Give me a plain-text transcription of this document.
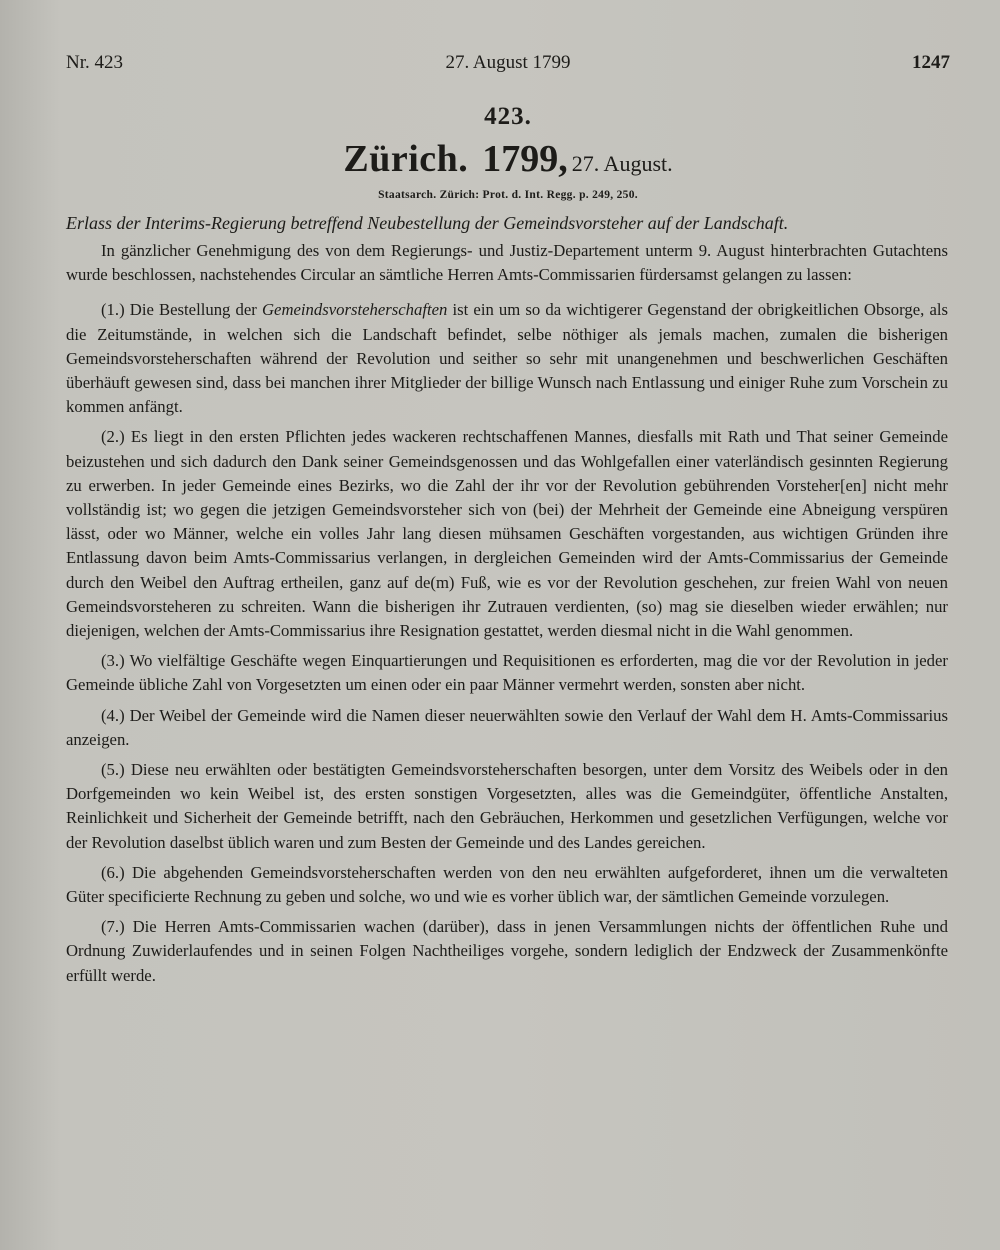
Nr. 423	27. August 1799	1247
423.
Zürich. 1799, 27. August.
Staatsarch. Zürich: Prot. d. Int. Regg. p. 249, 250.
Erlass der Interims-Regierung betreffend Neubestellung der Gemeindsvorsteher auf der Landschaft.

In gänzlicher Genehmigung des von dem Regierungs- und Justiz-Departement unterm 9. August hinterbrachten Gutachtens wurde beschlossen, nachstehendes Circular an sämtliche Herren Amts-Commissarien fürdersamst gelangen zu lassen:

(1.) Die Bestellung der Gemeindsvorsteherschaften ist ein um so da wichtigerer Gegenstand der obrigkeitlichen Obsorge, als die Zeitumstände, in welchen sich die Landschaft befindet, selbe nöthiger als jemals machen, zumalen die bisherigen Gemeindsvorsteherschaften während der Revolution und seither so sehr mit unangenehmen und beschwerlichen Geschäften überhäuft gewesen sind, dass bei manchen ihrer Mitglieder der billige Wunsch nach Entlassung und einiger Ruhe zum Vorschein zu kommen anfängt.

(2.) Es liegt in den ersten Pflichten jedes wackeren rechtschaffenen Mannes, diesfalls mit Rath und That seiner Gemeinde beizustehen und sich dadurch den Dank seiner Gemeindsgenossen und das Wohlgefallen einer vaterländisch gesinnten Regierung zu erwerben. In jeder Gemeinde eines Bezirks, wo die Zahl der ihr vor der Revolution gebührenden Vorsteher[en] nicht mehr vollständig ist; wo gegen die jetzigen Gemeindsvorsteher sich von (bei) der Mehrheit der Gemeinde eine Abneigung verspüren lässt, oder wo Männer, welche ein volles Jahr lang diesen mühsamen Geschäften vorgestanden, aus wichtigen Gründen ihre Entlassung davon beim Amts-Commissarius verlangen, in dergleichen Gemeinden wird der Amts-Commissarius der Gemeinde durch den Weibel den Auftrag ertheilen, ganz auf de(m) Fuß, wie es vor der Revolution geschehen, zur freien Wahl von neuen Gemeindsvorsteheren zu schreiten. Wann die bisherigen ihr Zutrauen verdienten, (so) mag sie dieselben wieder erwählen; nur diejenigen, welchen der Amts-Commissarius ihre Resignation gestattet, werden diesmal nicht in die Wahl genommen.

(3.) Wo vielfältige Geschäfte wegen Einquartierungen und Requisitionen es erforderten, mag die vor der Revolution in jeder Gemeinde übliche Zahl von Vorgesetzten um einen oder ein paar Männer vermehrt werden, sonsten aber nicht.

(4.) Der Weibel der Gemeinde wird die Namen dieser neuerwählten sowie den Verlauf der Wahl dem H. Amts-Commissarius anzeigen.

(5.) Diese neu erwählten oder bestätigten Gemeindsvorsteherschaften besorgen, unter dem Vorsitz des Weibels oder in den Dorfgemeinden wo kein Weibel ist, des ersten sonstigen Vorgesetzten, alles was die Gemeindgüter, öffentliche Anstalten, Reinlichkeit und Sicherheit der Gemeinde betrifft, nach den Gebräuchen, Herkommen und gesetzlichen Verfügungen, welche vor der Revolution daselbst üblich waren und zum Besten der Gemeinde und des Landes gereichen.

(6.) Die abgehenden Gemeindsvorsteherschaften werden von den neu erwählten aufgeforderet, ihnen um die verwalteten Güter specificierte Rechnung zu geben und solche, wo und wie es vorher üblich war, der sämtlichen Gemeinde vorzulegen.

(7.) Die Herren Amts-Commissarien wachen (darüber), dass in jenen Versammlungen nichts der öffentlichen Ruhe und Ordnung Zuwiderlaufendes und in seinen Folgen Nachtheiliges vorgehe, sondern lediglich der Endzweck der Zusammenkönfte erfüllt werde.
